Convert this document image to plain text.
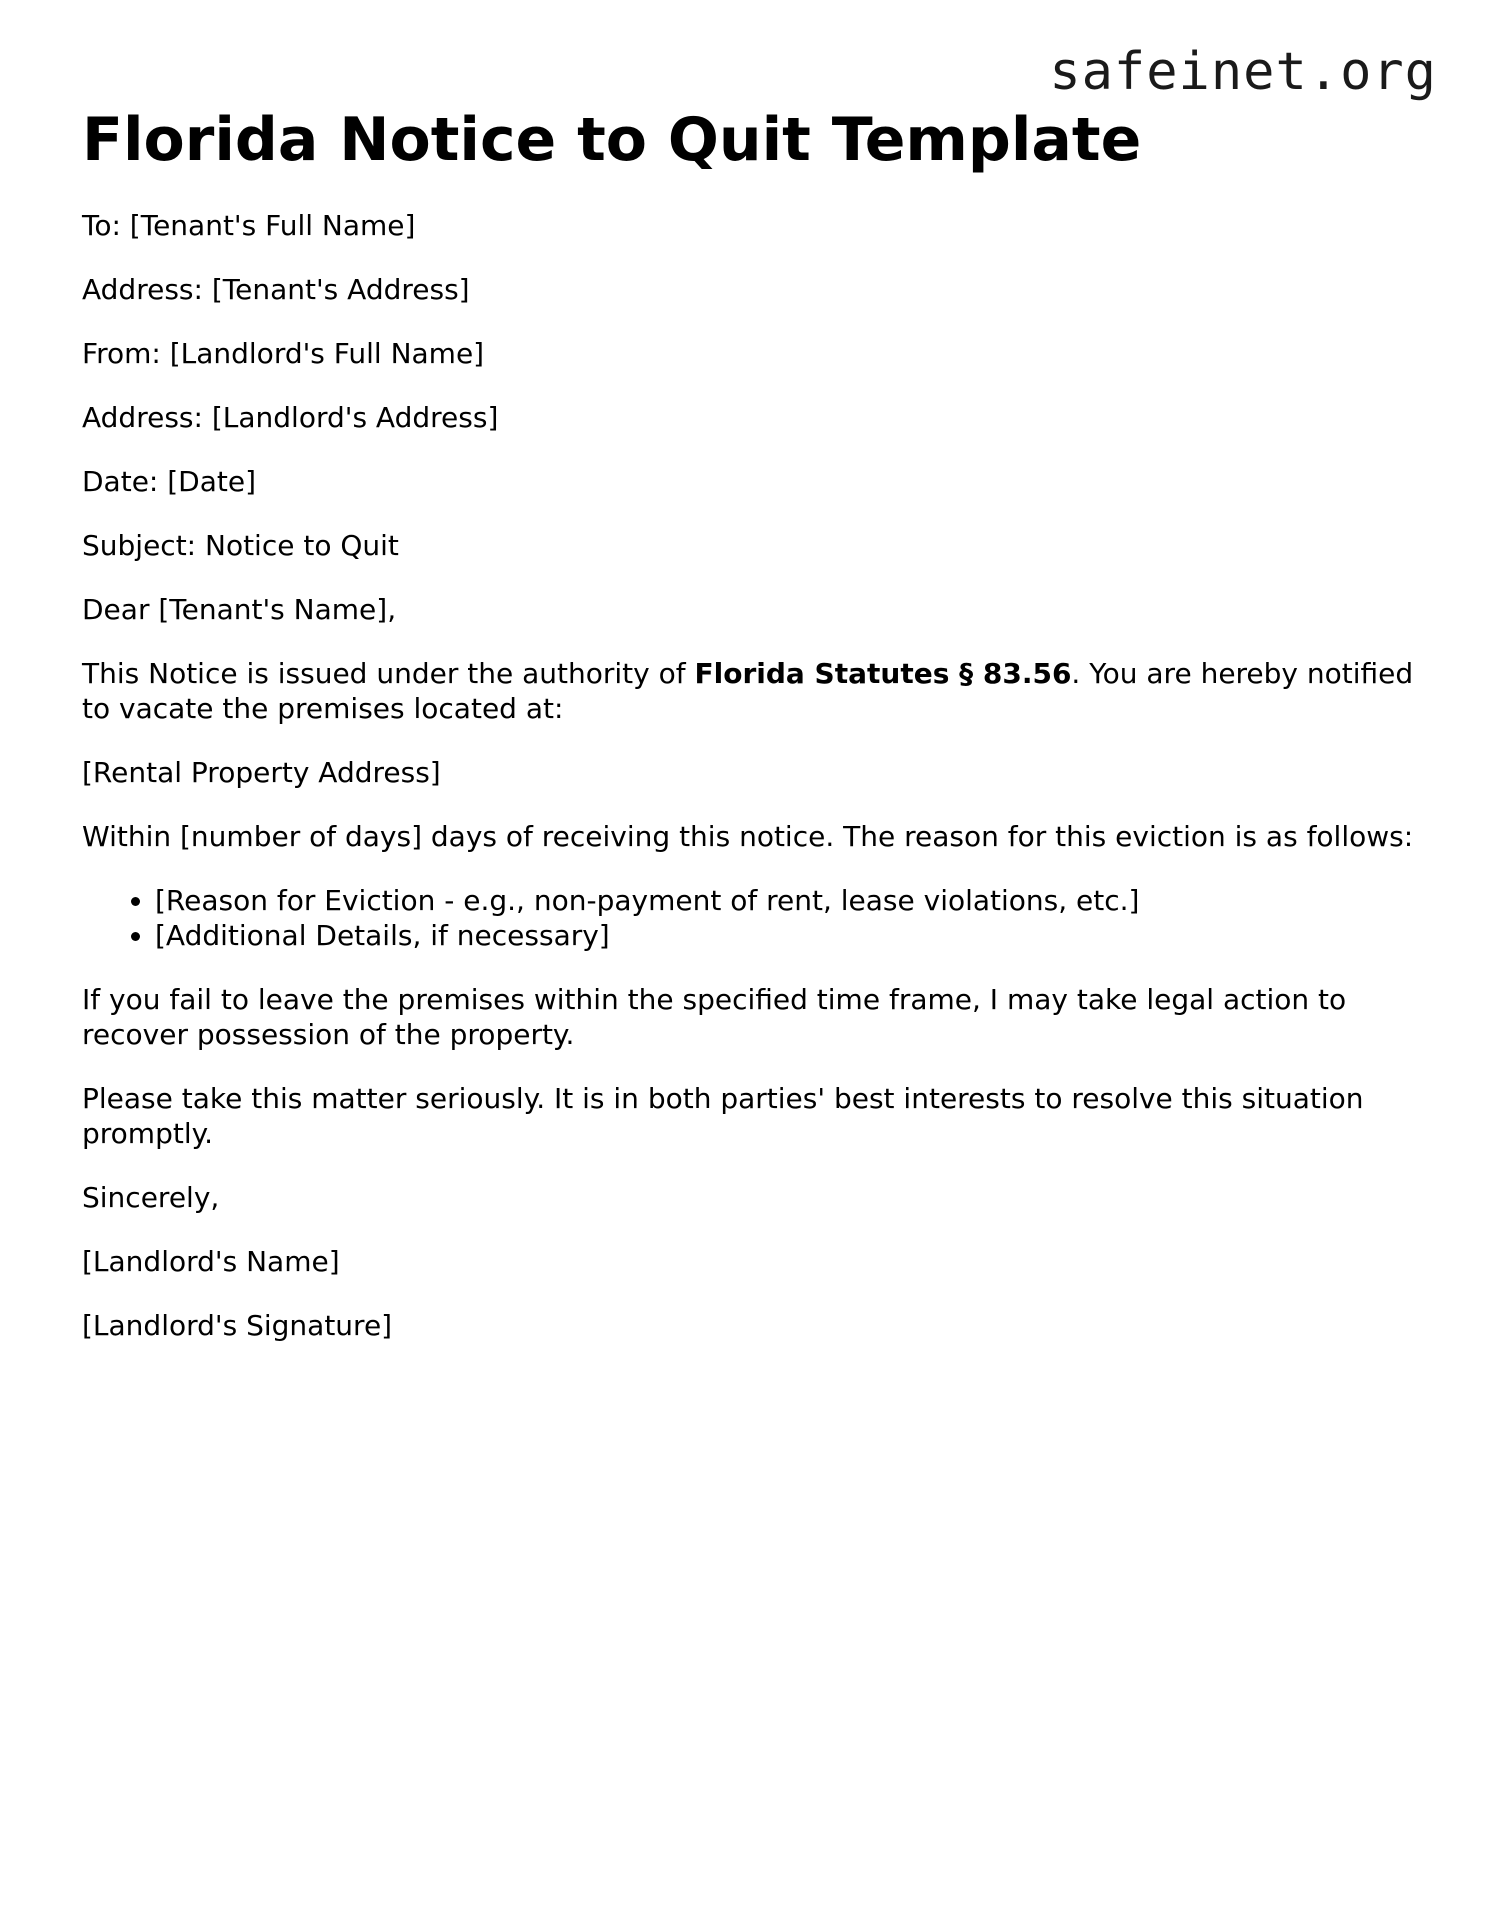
safeinet.org
Florida Notice to Quit Template

To: [Tenant's Full Name]

Address: [Tenant's Address]

From: [Landlord's Full Name]

Address: [Landlord's Address]

Date: [Date]

Subject: Notice to Quit

Dear [Tenant's Name],

This Notice is issued under the authority of Florida Statutes § 83.56. You are hereby notified to vacate the premises located at:

[Rental Property Address]

Within [number of days] days of receiving this notice. The reason for this eviction is as follows:

• [Reason for Eviction - e.g., non-payment of rent, lease violations, etc.]
• [Additional Details, if necessary]

If you fail to leave the premises within the specified time frame, I may take legal action to recover possession of the property.

Please take this matter seriously. It is in both parties' best interests to resolve this situation promptly.

Sincerely,

[Landlord's Name]

[Landlord's Signature]
